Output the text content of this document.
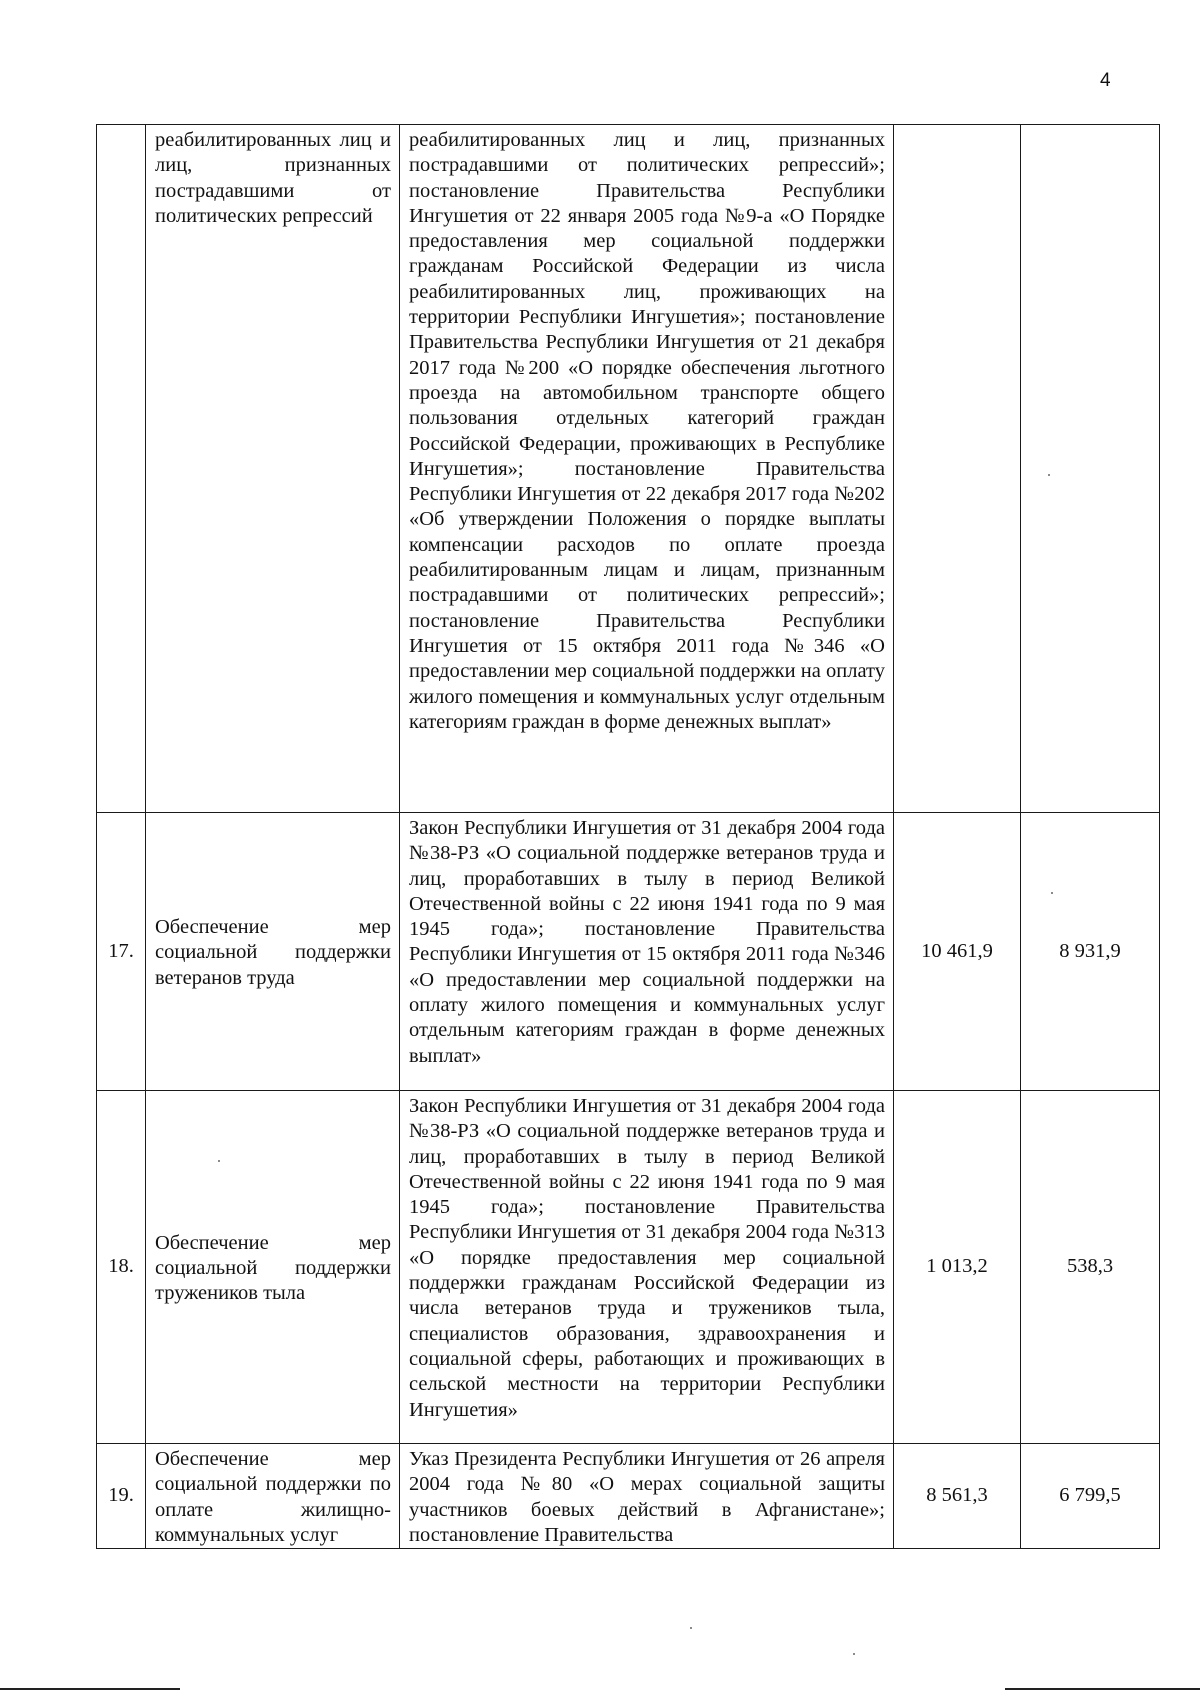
4
	реабилитированных лиц и лиц, признанных пострадавшими от политических репрессий	реабилитированных лиц и лиц, признанных пострадавшими от политических репрессий»; постановление Правительства Республики Ингушетия от 22 января 2005 года №9-а «О Порядке предоставления мер социальной поддержки гражданам Российской Федерации из числа реабилитированных лиц, проживающих на территории Республики Ингушетия»; постановление Правительства Республики Ингушетия от 21 декабря 2017 года №200 «О порядке обеспечения льготного проезда на автомобильном транспорте общего пользования отдельных категорий граждан Российской Федерации, проживающих в Республике Ингушетия»; постановление Правительства Республики Ингушетия от 22 декабря 2017 года №202 «Об утверждении Положения о порядке выплаты компенсации расходов по оплате проезда реабилитированным лицам и лицам, признанным пострадавшими от политических репрессий»; постановление Правительства Республики Ингушетия от 15 октября 2011 года №346 «О предоставлении мер социальной поддержки на оплату жилого помещения и коммунальных услуг отдельным категориям граждан в форме денежных выплат»		
17.	Обеспечение мер социальной поддержки ветеранов труда	Закон Республики Ингушетия от 31 декабря 2004 года №38-РЗ «О социальной поддержке ветеранов труда и лиц, проработавших в тылу в период Великой Отечественной войны с 22 июня 1941 года по 9 мая 1945 года»; постановление Правительства Республики Ингушетия от 15 октября 2011 года №346 «О предоставлении мер социальной поддержки на оплату жилого помещения и коммунальных услуг отдельным категориям граждан в форме денежных выплат»	10 461,9	8 931,9
18.	Обеспечение мер социальной поддержки тружеников тыла	Закон Республики Ингушетия от 31 декабря 2004 года №38-РЗ «О социальной поддержке ветеранов труда и лиц, проработавших в тылу в период Великой Отечественной войны с 22 июня 1941 года по 9 мая 1945 года»; постановление Правительства Республики Ингушетия от 31 декабря 2004 года №313 «О порядке предоставления мер социальной поддержки гражданам Российской Федерации из числа ветеранов труда и тружеников тыла, специалистов образования, здравоохранения и социальной сферы, работающих и проживающих в сельской местности на территории Республики Ингушетия»	1 013,2	538,3
19.	Обеспечение мер социальной поддержки по оплате жилищно-коммунальных услуг	Указ Президента Республики Ингушетия от 26 апреля 2004 года №80 «О мерах социальной защиты участников боевых действий в Афганистане»; постановление Правительства	8 561,3	6 799,5
